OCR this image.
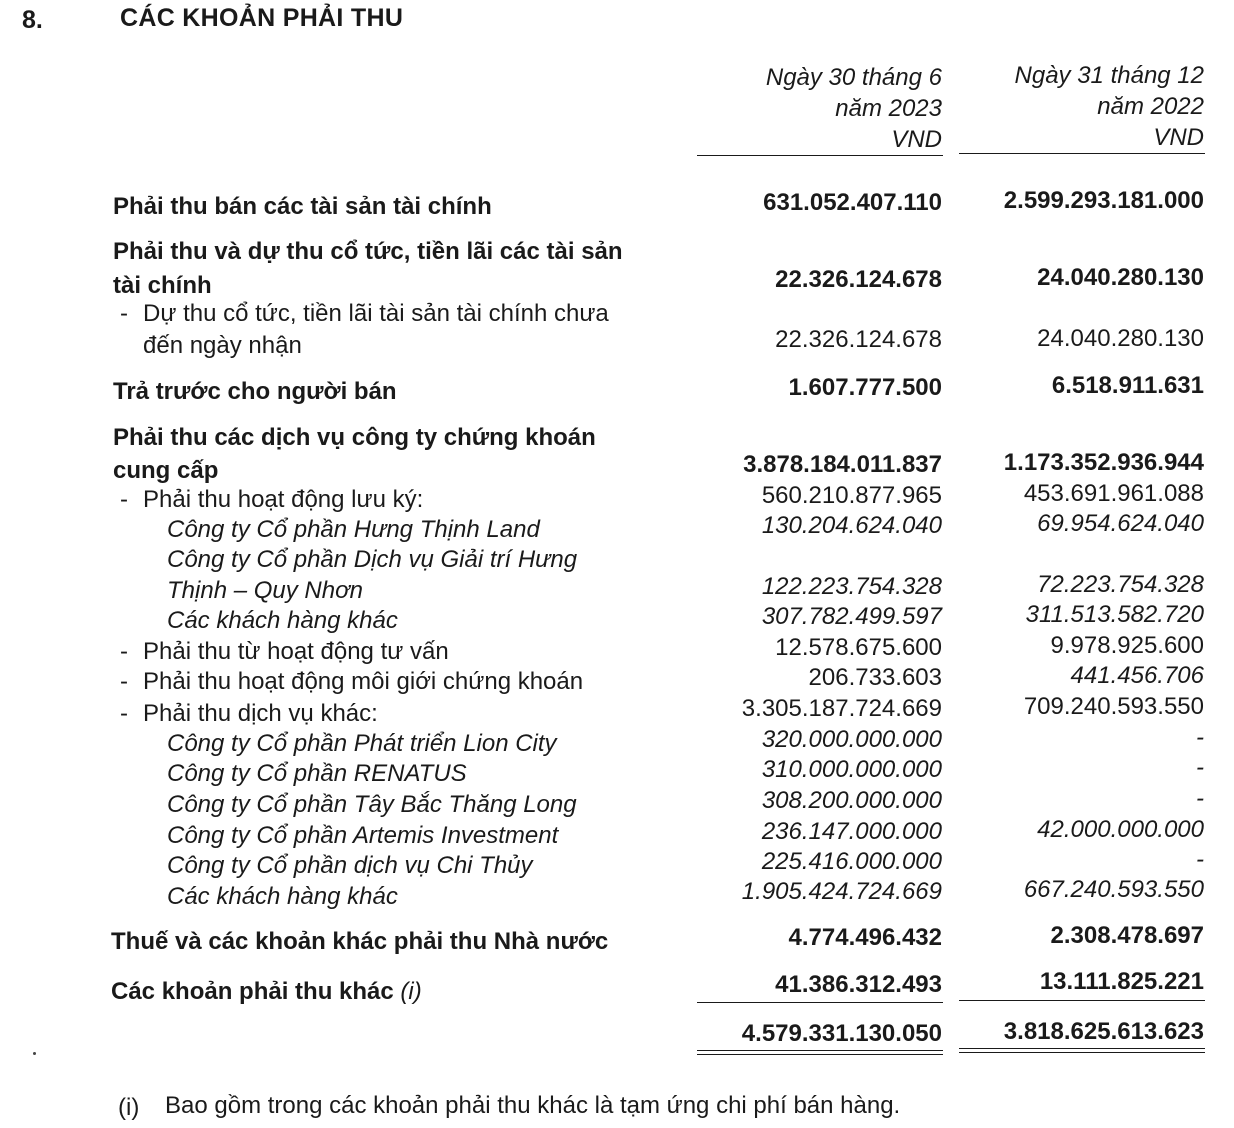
8.	CÁC KHOẢN PHẢI THU
Ngày 30 tháng 6
năm 2023
VND
Ngày 31 tháng 12
năm 2022
VND
Phải thu bán các tài sản tài chính	631.052.407.110	2.599.293.181.000
Phải thu và dự thu cổ tức, tiền lãi các tài sản
tài chính	22.326.124.678	24.040.280.130
- Dự thu cổ tức, tiền lãi tài sản tài chính chưa
đến ngày nhận	22.326.124.678	24.040.280.130
Trả trước cho người bán	1.607.777.500	6.518.911.631
Phải thu các dịch vụ công ty chứng khoán
cung cấp	3.878.184.011.837	1.173.352.936.944
- Phải thu hoạt động lưu ký:	560.210.877.965	453.691.961.088
Công ty Cổ phần Hưng Thịnh Land	130.204.624.040	69.954.624.040
Công ty Cổ phần Dịch vụ Giải trí Hưng
Thịnh – Quy Nhơn	122.223.754.328	72.223.754.328
Các khách hàng khác	307.782.499.597	311.513.582.720
- Phải thu từ hoạt động tư vấn	12.578.675.600	9.978.925.600
- Phải thu hoạt động môi giới chứng khoán	206.733.603	441.456.706
- Phải thu dịch vụ khác:	3.305.187.724.669	709.240.593.550
Công ty Cổ phần Phát triển Lion City	320.000.000.000	-
Công ty Cổ phần RENATUS	310.000.000.000	-
Công ty Cổ phần Tây Bắc Thăng Long	308.200.000.000	-
Công ty Cổ phần Artemis Investment	236.147.000.000	42.000.000.000
Công ty Cổ phần dịch vụ Chi Thủy	225.416.000.000	-
Các khách hàng khác	1.905.424.724.669	667.240.593.550
Thuế và các khoản khác phải thu Nhà nước	4.774.496.432	2.308.478.697
Các khoản phải thu khác (i)	41.386.312.493	13.111.825.221
4.579.331.130.050	3.818.625.613.623
(i) Bao gồm trong các khoản phải thu khác là tạm ứng chi phí bán hàng.
